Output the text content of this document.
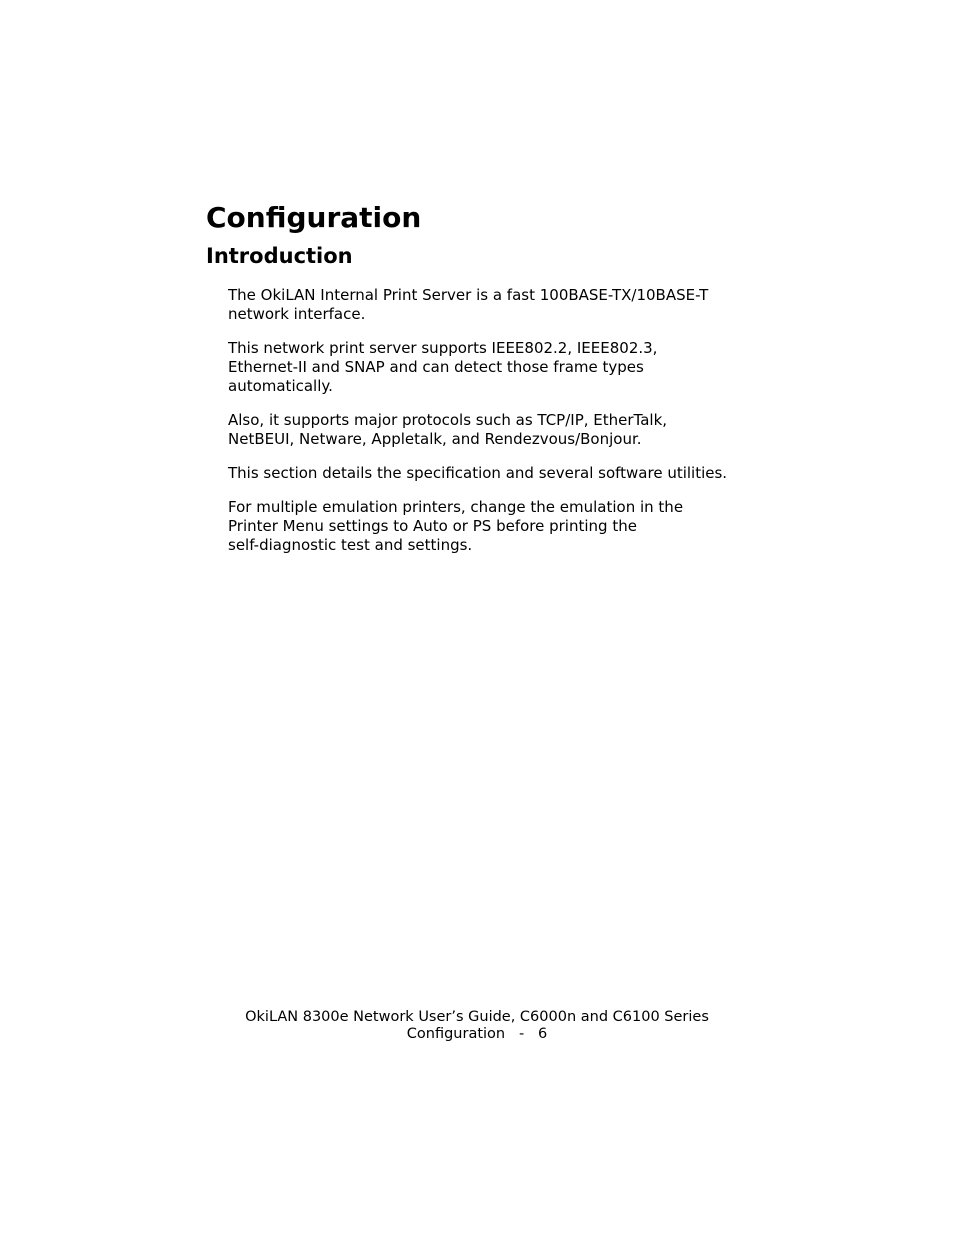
Configuration
Introduction

The OkiLAN Internal Print Server is a fast 100BASE-TX/10BASE-T
network interface.

This network print server supports IEEE802.2, IEEE802.3,
Ethernet-II and SNAP and can detect those frame types
automatically.

Also, it supports major protocols such as TCP/IP, EtherTalk,
NetBEUI, Netware, Appletalk, and Rendezvous/Bonjour.

This section details the specification and several software utilities.

For multiple emulation printers, change the emulation in the
Printer Menu settings to Auto or PS before printing the
self-diagnostic test and settings.

OkiLAN 8300e Network User’s Guide, C6000n and C6100 Series
Configuration - 6
